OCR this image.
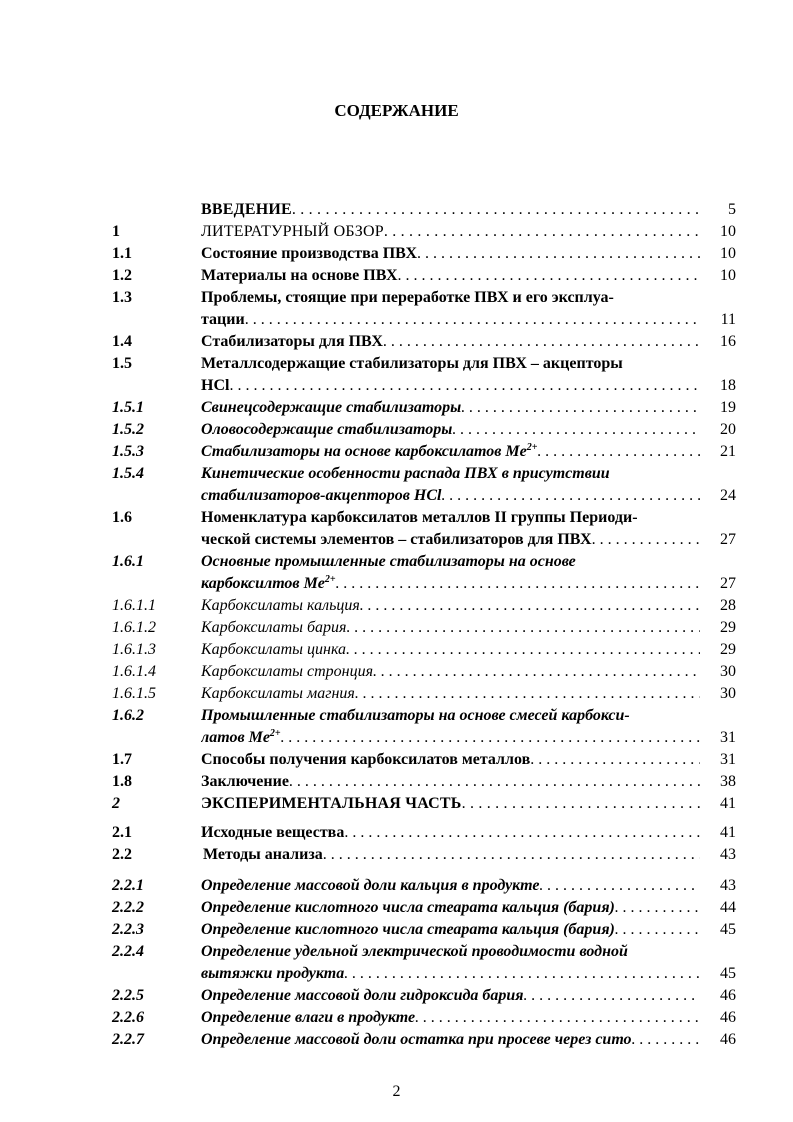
СОДЕРЖАНИЕ
ВВЕДЕНИЕ . . .	5
1	ЛИТЕРАТУРНЫЙ ОБЗОР . . .	10
1.1	Состояние производства ПВХ . . .	10
1.2	Материалы на основе ПВХ . . .	10
1.3	Проблемы, стоящие при переработке ПВХ и его эксплуа-
тации . . .	11
1.4	Стабилизаторы для ПВХ . . .	16
1.5	Металлсодержащие стабилизаторы для ПВХ – акцепторы
HCl . . .	18
1.5.1	Свинецсодержащие стабилизаторы . . .	19
1.5.2	Оловосодержащие стабилизаторы . . .	20
1.5.3	Стабилизаторы на основе карбоксилатов $Me^{2+}$ . . .	21
1.5.4	Кинетические особенности распада ПВХ в присутствии
стабилизаторов-акцепторов HCl . . .	24
1.6	Номенклатура карбоксилатов металлов II группы Периоди-
ческой системы элементов – стабилизаторов для ПВХ . . .	27
1.6.1	Основные промышленные стабилизаторы на основе
карбоксилтов $Me^{2+}$ . . .	27
1.6.1.1	Карбоксилаты кальция . . .	28
1.6.1.2	Карбоксилаты бария . . .	29
1.6.1.3	Карбоксилаты цинка . . .	29
1.6.1.4	Карбоксилаты стронция . . .	30
1.6.1.5	Карбоксилаты магния . . .	30
1.6.2	Промышленные стабилизаторы на основе смесей карбокси-
латов $Me^{2+}$ . . .	31
1.7	Способы получения карбоксилатов металлов . . .	31
1.8	Заключение . . .	38
2	ЭКСПЕРИМЕНТАЛЬНАЯ ЧАСТЬ . . .	41
2.1	Исходные вещества . . .	41
2.2	Методы анализа . . .	43
2.2.1	Определение массовой доли кальция в продукте . . .	43
2.2.2	Определение кислотного числа стеарата кальция (бария) . . .	44
2.2.3	Определение кислотного числа стеарата кальция (бария) . . .	45
2.2.4	Определение удельной электрической проводимости водной
вытяжки продукта . . .	45
2.2.5	Определение массовой доли гидроксида бария . . .	46
2.2.6	Определение влаги в продукте . . .	46
2.2.7	Определение массовой доли остатка при просеве через сито . . .	46
2
